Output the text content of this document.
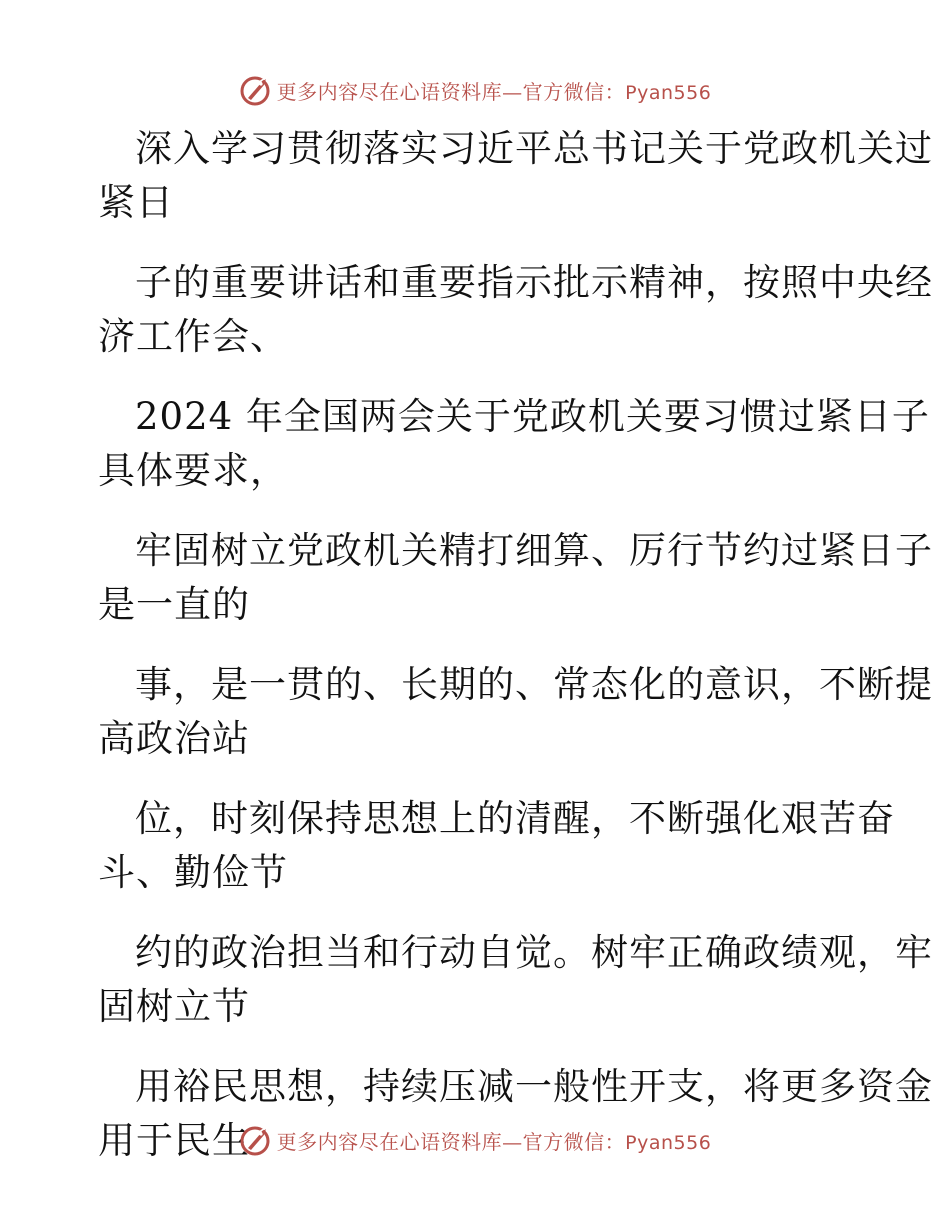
更多内容尽在心语资料库—官方微信：Pyan556
深入学习贯彻落实习近平总书记关于党政机关过
紧日
子的重要讲话和重要指示批示精神，按照中央经
济工作会、
2024 年全国两会关于党政机关要习惯过紧日子
具体要求，
牢固树立党政机关精打细算、厉行节约过紧日子
是一直的
事，是一贯的、长期的、常态化的意识，不断提
高政治站
位，时刻保持思想上的清醒，不断强化艰苦奋
斗、勤俭节
约的政治担当和行动自觉。树牢正确政绩观，牢
固树立节
用裕民思想，持续压减一般性开支，将更多资金
用于民生	更多内容尽在心语资料库—官方微信：Pyan556
